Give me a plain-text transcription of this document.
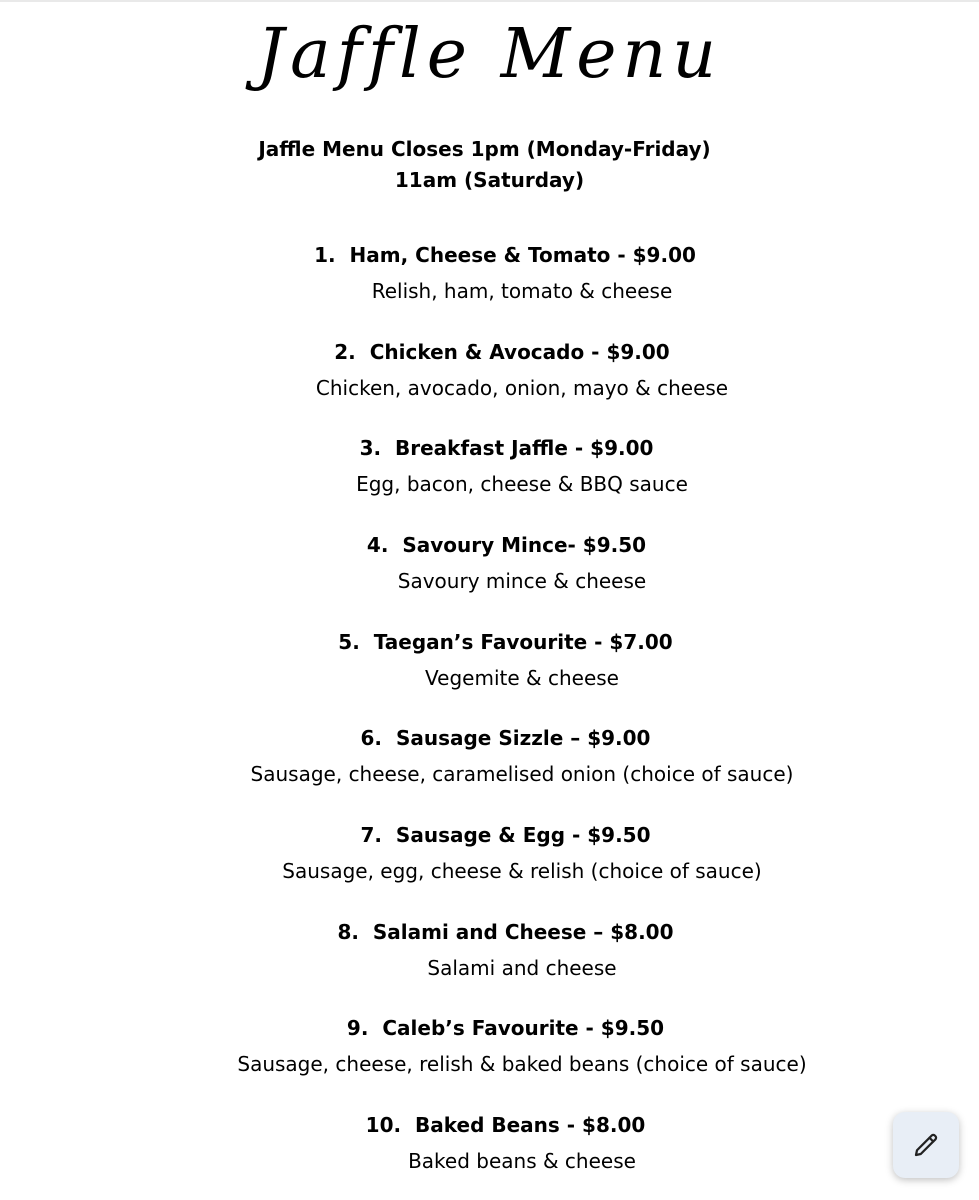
Jaffle Menu
Jaffle Menu Closes 1pm (Monday-Friday)
11am (Saturday)
1.  Ham, Cheese & Tomato - $9.00
Relish, ham, tomato & cheese
2.  Chicken & Avocado - $9.00
Chicken, avocado, onion, mayo & cheese
3.  Breakfast Jaffle - $9.00
Egg, bacon, cheese & BBQ sauce
4.  Savoury Mince- $9.50
Savoury mince & cheese
5.  Taegan’s Favourite - $7.00
Vegemite & cheese
6.  Sausage Sizzle – $9.00
Sausage, cheese, caramelised onion (choice of sauce)
7.  Sausage & Egg - $9.50
Sausage, egg, cheese & relish (choice of sauce)
8.  Salami and Cheese – $8.00
Salami and cheese
9.  Caleb’s Favourite - $9.50
Sausage, cheese, relish & baked beans (choice of sauce)
10.  Baked Beans - $8.00
Baked beans & cheese
